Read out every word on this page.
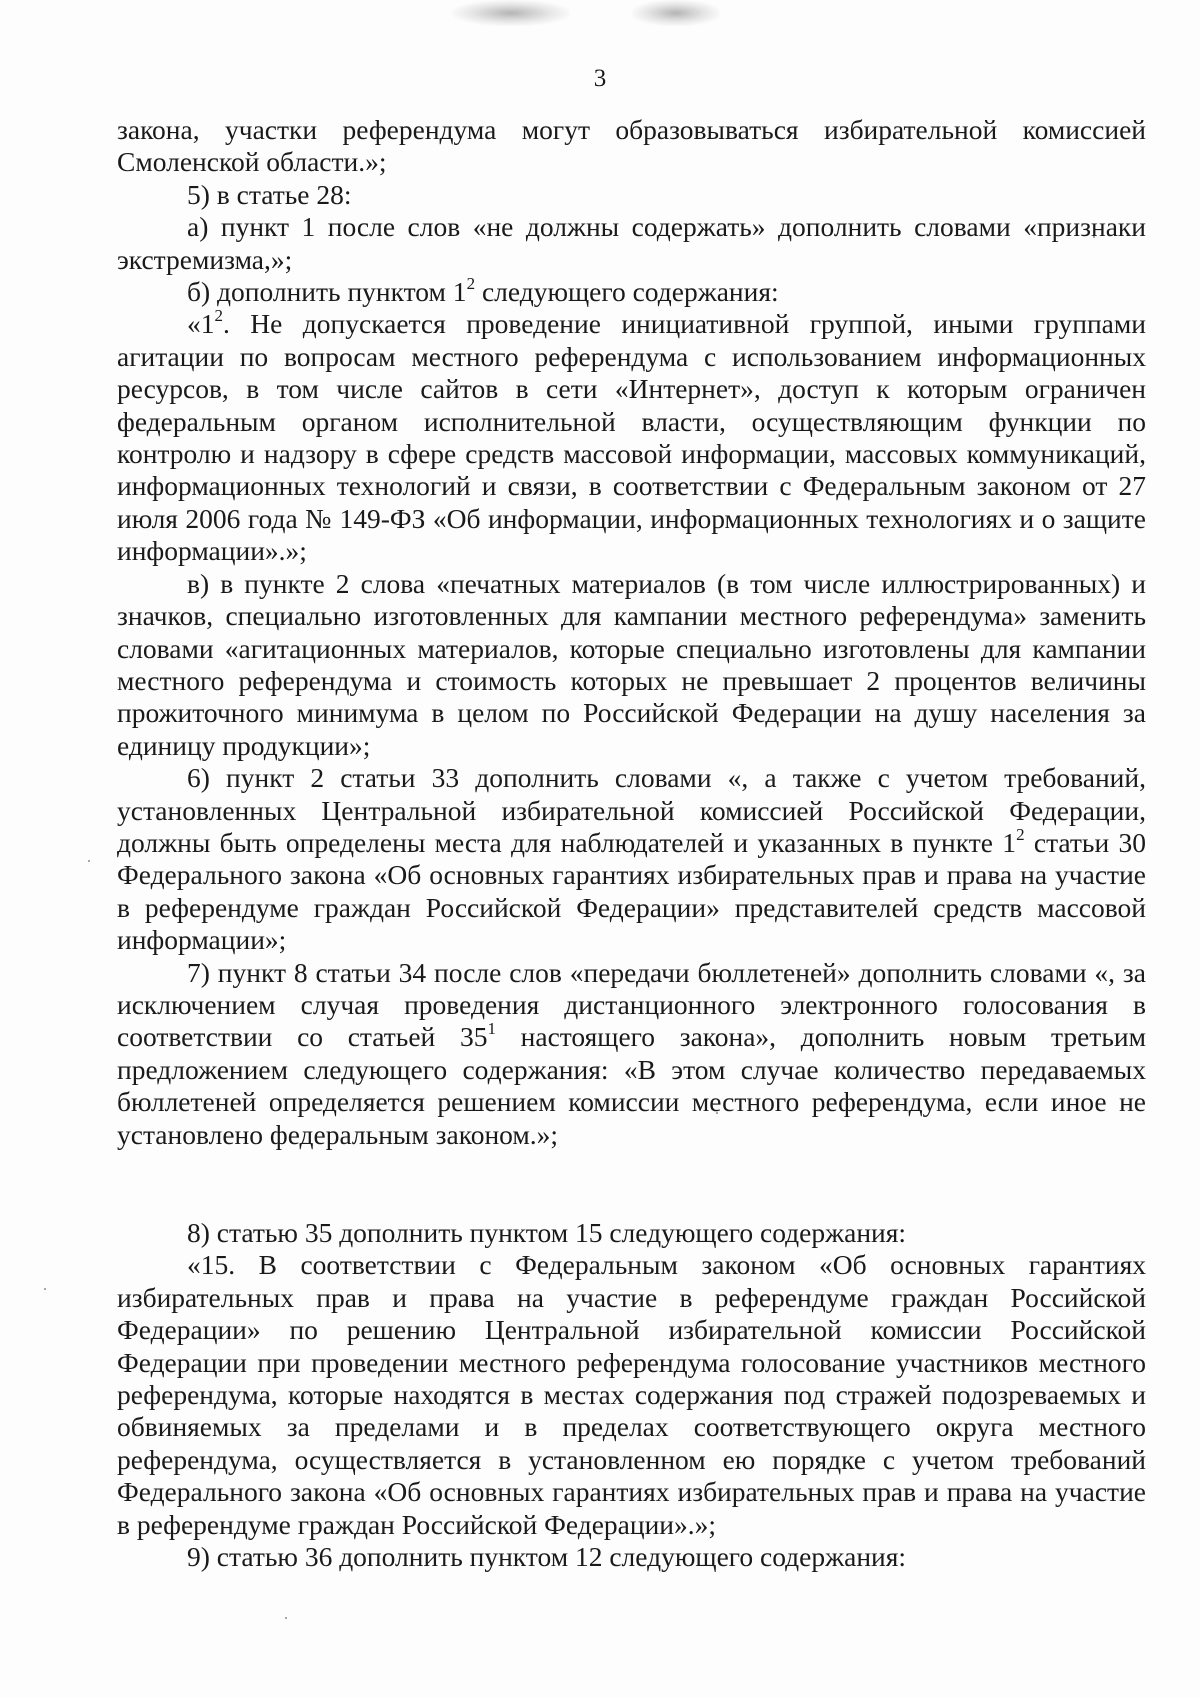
3

закона, участки референдума могут образовываться избирательной комиссией Смоленской области.»;

5) в статье 28:

а) пункт 1 после слов «не должны содержать» дополнить словами «признаки экстремизма,»;

б) дополнить пунктом $1^2$ следующего содержания:

«$1^2$. Не допускается проведение инициативной группой, иными группами агитации по вопросам местного референдума с использованием информационных ресурсов, в том числе сайтов в сети «Интернет», доступ к которым ограничен федеральным органом исполнительной власти, осуществляющим функции по контролю и надзору в сфере средств массовой информации, массовых коммуникаций, информационных технологий и связи, в соответствии с Федеральным законом от 27 июля 2006 года № 149-ФЗ «Об информации, информационных технологиях и о защите информации».»;

в) в пункте 2 слова «печатных материалов (в том числе иллюстрированных) и значков, специально изготовленных для кампании местного референдума» заменить словами «агитационных материалов, которые специально изготовлены для кампании местного референдума и стоимость которых не превышает 2 процентов величины прожиточного минимума в целом по Российской Федерации на душу населения за единицу продукции»;

6) пункт 2 статьи 33 дополнить словами «, а также с учетом требований, установленных Центральной избирательной комиссией Российской Федерации, должны быть определены места для наблюдателей и указанных в пункте $1^2$ статьи 30 Федерального закона «Об основных гарантиях избирательных прав и права на участие в референдуме граждан Российской Федерации» представителей средств массовой информации»;

7) пункт 8 статьи 34 после слов «передачи бюллетеней» дополнить словами «, за исключением случая проведения дистанционного электронного голосования в соответствии со статьей $35^1$ настоящего закона», дополнить новым третьим предложением следующего содержания: «В этом случае количество передаваемых бюллетеней определяется решением комиссии местного референдума, если иное не установлено федеральным законом.»;

8) статью 35 дополнить пунктом 15 следующего содержания:

«15. В соответствии с Федеральным законом «Об основных гарантиях избирательных прав и права на участие в референдуме граждан Российской Федерации» по решению Центральной избирательной комиссии Российской Федерации при проведении местного референдума голосование участников местного референдума, которые находятся в местах содержания под стражей подозреваемых и обвиняемых за пределами и в пределах соответствующего округа местного референдума, осуществляется в установленном ею порядке с учетом требований Федерального закона «Об основных гарантиях избирательных прав и права на участие в референдуме граждан Российской Федерации».»;

9) статью 36 дополнить пунктом 12 следующего содержания:
